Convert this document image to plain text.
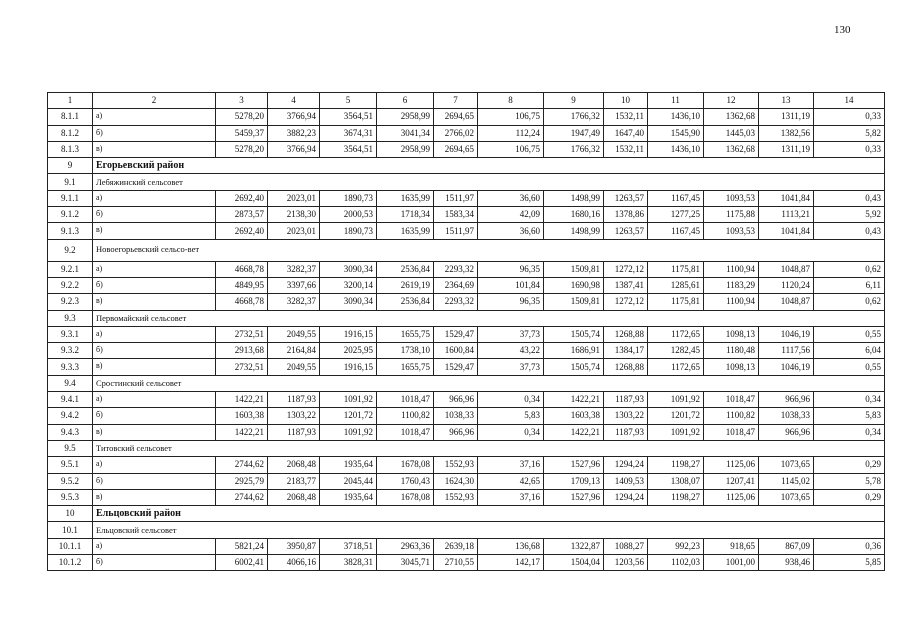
130
1	2	3	4	5	6	7	8	9	10	11	12	13	14
8.1.1	а)	5278,20	3766,94	3564,51	2958,99	2694,65	106,75	1766,32	1532,11	1436,10	1362,68	1311,19	0,33
8.1.2	б)	5459,37	3882,23	3674,31	3041,34	2766,02	112,24	1947,49	1647,40	1545,90	1445,03	1382,56	5,82
8.1.3	в)	5278,20	3766,94	3564,51	2958,99	2694,65	106,75	1766,32	1532,11	1436,10	1362,68	1311,19	0,33
9	Егорьевский район												
9.1	Лебяжинский сельсовет												
9.1.1	а)	2692,40	2023,01	1890,73	1635,99	1511,97	36,60	1498,99	1263,57	1167,45	1093,53	1041,84	0,43
9.1.2	б)	2873,57	2138,30	2000,53	1718,34	1583,34	42,09	1680,16	1378,86	1277,25	1175,88	1113,21	5,92
9.1.3	в)	2692,40	2023,01	1890,73	1635,99	1511,97	36,60	1498,99	1263,57	1167,45	1093,53	1041,84	0,43
9.2	Новоегорьевский сельсо-вет												

9.2.1	а)	4668,78	3282,37	3090,34	2536,84	2293,32	96,35	1509,81	1272,12	1175,81	1100,94	1048,87	0,62
9.2.2	б)	4849,95	3397,66	3200,14	2619,19	2364,69	101,84	1690,98	1387,41	1285,61	1183,29	1120,24	6,11
9.2.3	в)	4668,78	3282,37	3090,34	2536,84	2293,32	96,35	1509,81	1272,12	1175,81	1100,94	1048,87	0,62
9.3	Первомайский сельсовет												
9.3.1	а)	2732,51	2049,55	1916,15	1655,75	1529,47	37,73	1505,74	1268,88	1172,65	1098,13	1046,19	0,55
9.3.2	б)	2913,68	2164,84	2025,95	1738,10	1600,84	43,22	1686,91	1384,17	1282,45	1180,48	1117,56	6,04
9.3.3	в)	2732,51	2049,55	1916,15	1655,75	1529,47	37,73	1505,74	1268,88	1172,65	1098,13	1046,19	0,55
9.4	Сростинский сельсовет												
9.4.1	а)	1422,21	1187,93	1091,92	1018,47	966,96	0,34	1422,21	1187,93	1091,92	1018,47	966,96	0,34
9.4.2	б)	1603,38	1303,22	1201,72	1100,82	1038,33	5,83	1603,38	1303,22	1201,72	1100,82	1038,33	5,83
9.4.3	в)	1422,21	1187,93	1091,92	1018,47	966,96	0,34	1422,21	1187,93	1091,92	1018,47	966,96	0,34
9.5	Титовский сельсовет												
9.5.1	а)	2744,62	2068,48	1935,64	1678,08	1552,93	37,16	1527,96	1294,24	1198,27	1125,06	1073,65	0,29
9.5.2	б)	2925,79	2183,77	2045,44	1760,43	1624,30	42,65	1709,13	1409,53	1308,07	1207,41	1145,02	5,78
9.5.3	в)	2744,62	2068,48	1935,64	1678,08	1552,93	37,16	1527,96	1294,24	1198,27	1125,06	1073,65	0,29
10	Ельцовский район												
10.1	Ельцовский сельсовет												
10.1.1	а)	5821,24	3950,87	3718,51	2963,36	2639,18	136,68	1322,87	1088,27	992,23	918,65	867,09	0,36
10.1.2	б)	6002,41	4066,16	3828,31	3045,71	2710,55	142,17	1504,04	1203,56	1102,03	1001,00	938,46	5,85
